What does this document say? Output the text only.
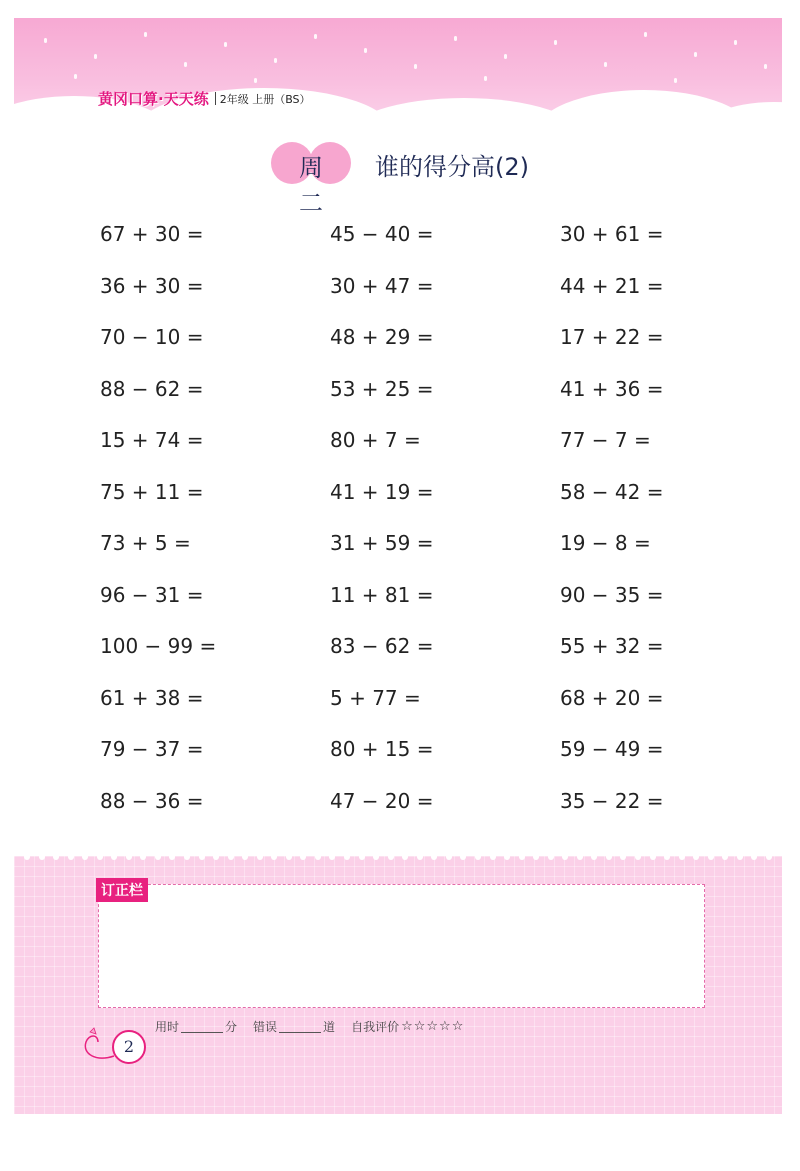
黄冈口算·天天练 2年级 上册（BS）
周二
谁的得分高(2)
67 + 30 =	45 − 40 =	30 + 61 =
36 + 30 =	30 + 47 =	44 + 21 =
70 − 10 =	48 + 29 =	17 + 22 =
88 − 62 =	53 + 25 =	41 + 36 =
15 + 74 =	80 + 7 =	77 − 7 =
75 + 11 =	41 + 19 =	58 − 42 =
73 + 5 =	31 + 59 =	19 − 8 =
96 − 31 =	11 + 81 =	90 − 35 =
100 − 99 =	83 − 62 =	55 + 32 =
61 + 38 =	5 + 77 =	68 + 20 =
79 − 37 =	80 + 15 =	59 − 49 =
88 − 36 =	47 − 20 =	35 − 22 =
订正栏
用时	分 错误	道 自我评价 ☆☆☆☆☆
2
